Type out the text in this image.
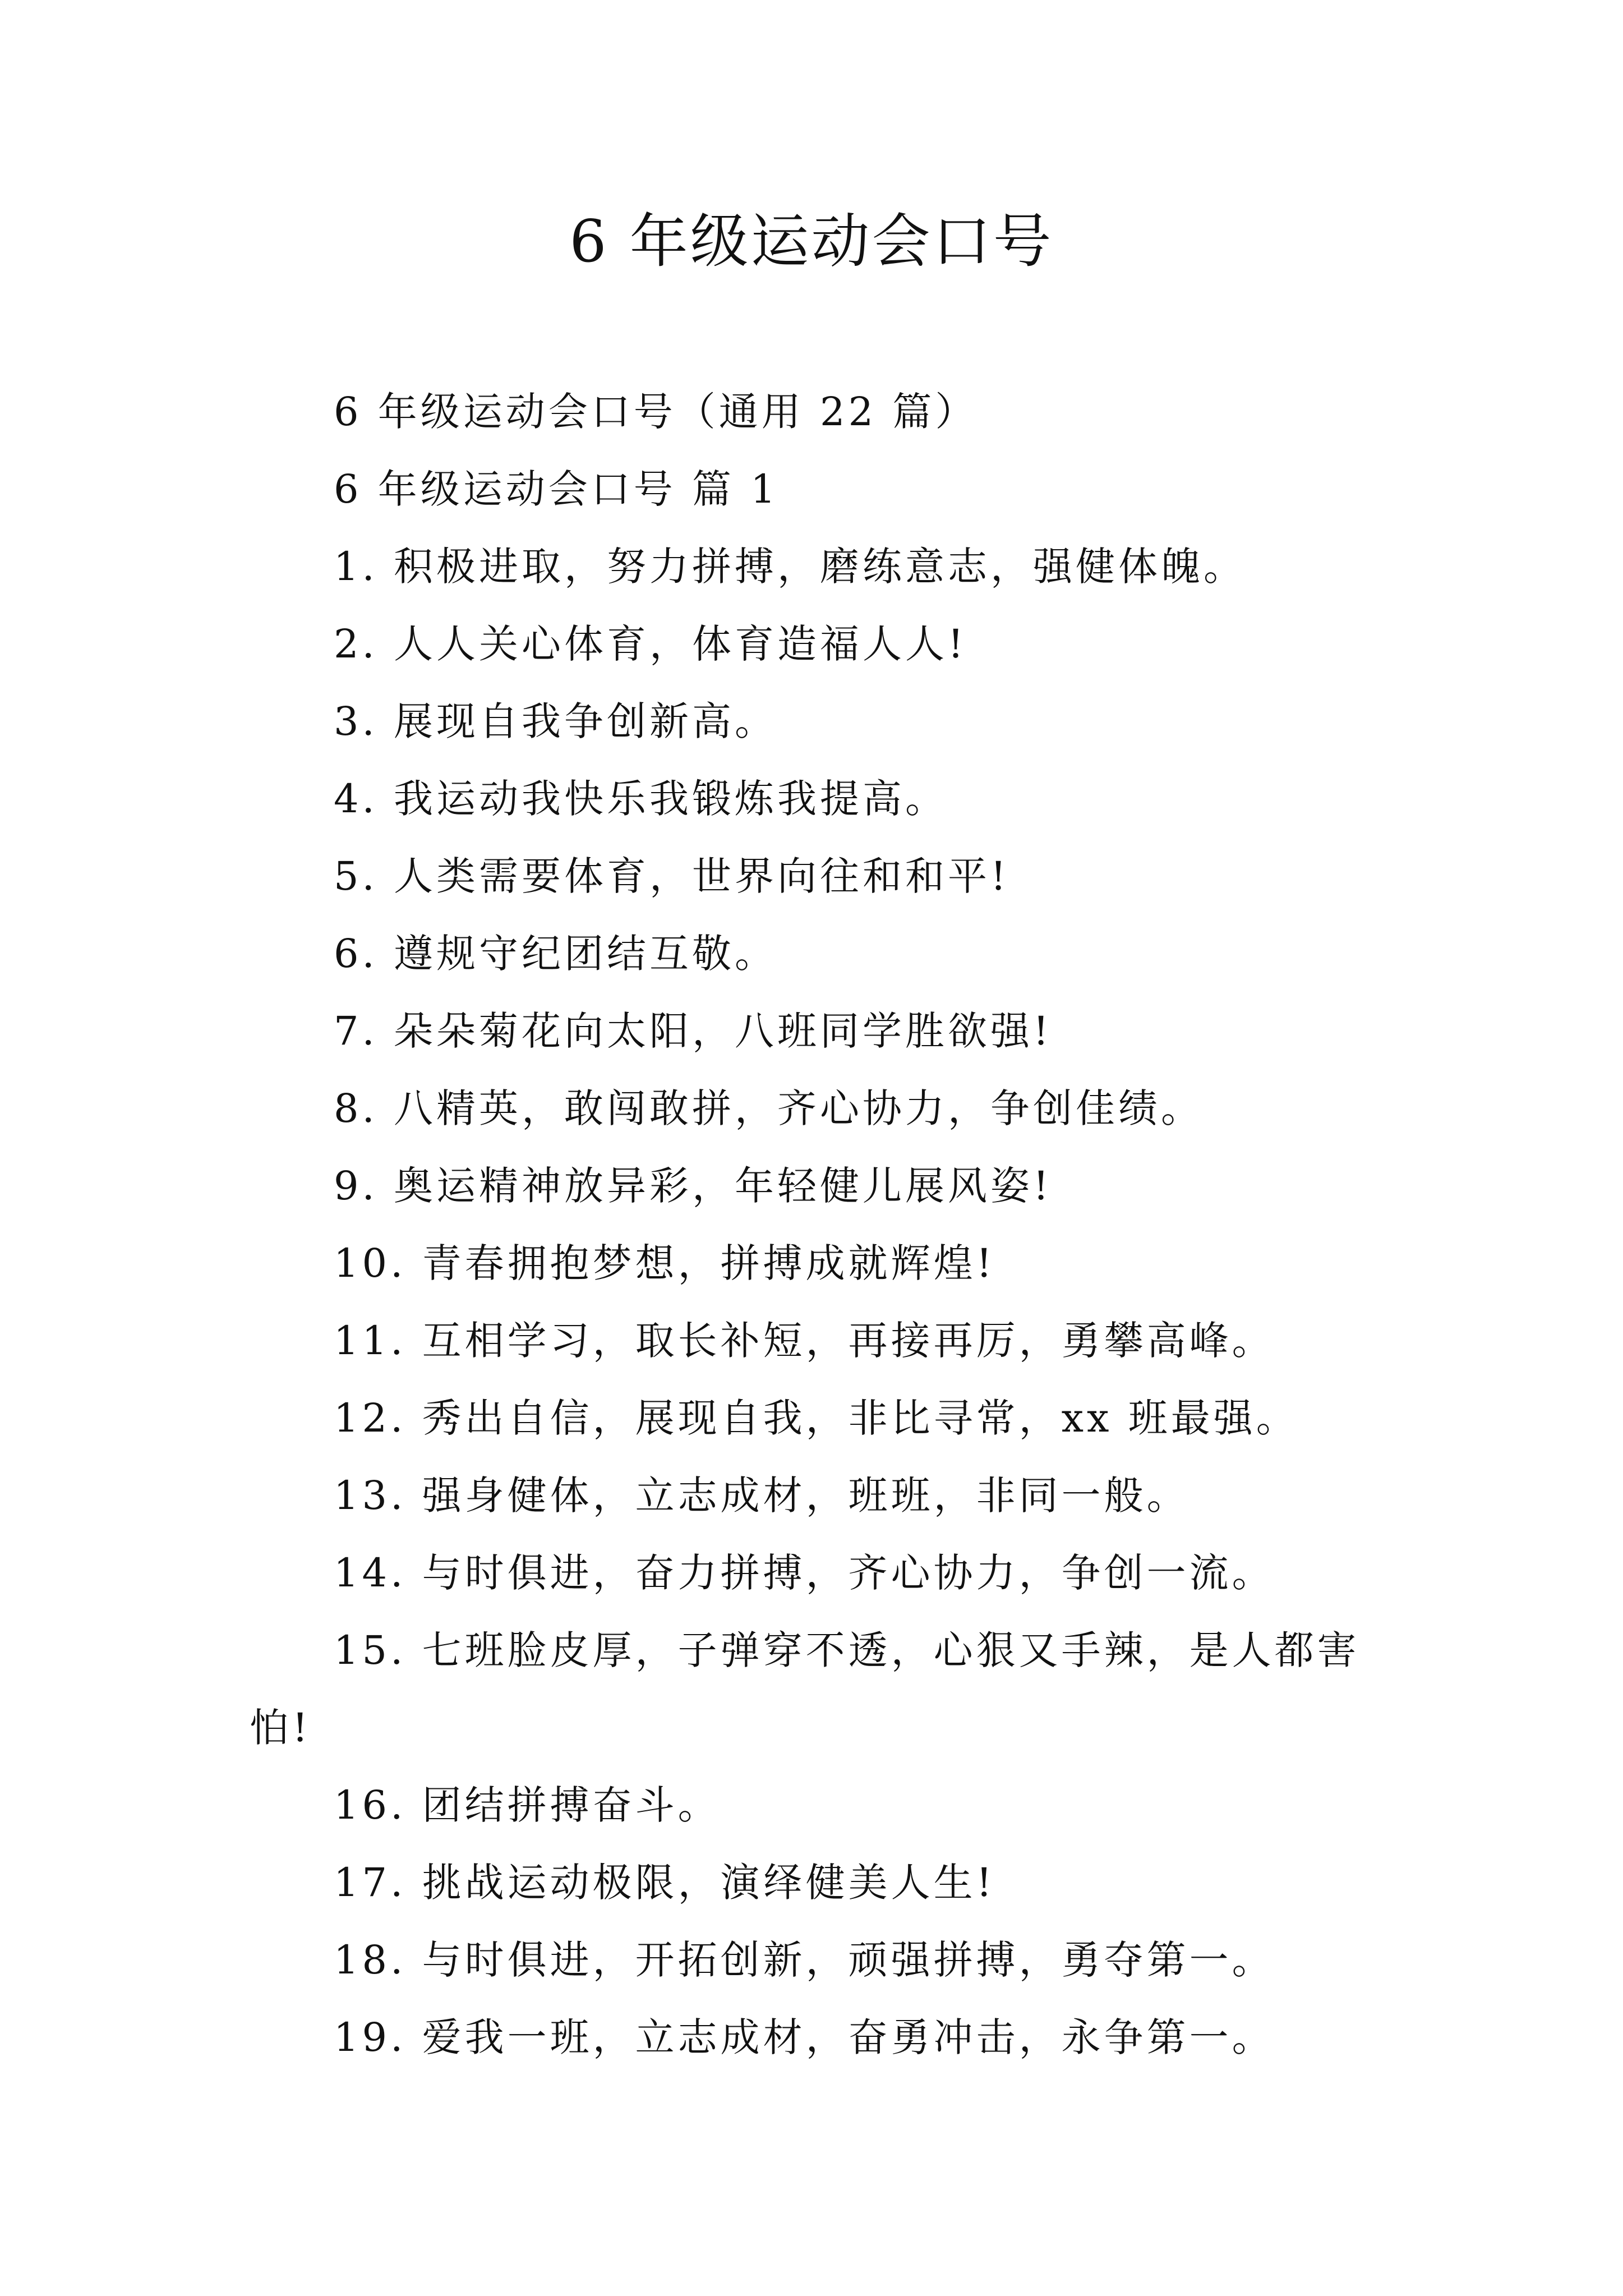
6 年级运动会口号
6 年级运动会口号（通用 22 篇）
6 年级运动会口号 篇 1
1. 积极进取，努力拼搏，磨练意志，强健体魄。
2. 人人关心体育，体育造福人人!
3. 展现自我争创新高。
4. 我运动我快乐我锻炼我提高。
5. 人类需要体育，世界向往和和平!
6. 遵规守纪团结互敬。
7. 朵朵菊花向太阳，八班同学胜欲强!
8. 八精英，敢闯敢拼，齐心协力，争创佳绩。
9. 奥运精神放异彩，年轻健儿展风姿!
10. 青春拥抱梦想，拼搏成就辉煌!
11. 互相学习，取长补短，再接再厉，勇攀高峰。
12. 秀出自信，展现自我，非比寻常，xx 班最强。
13. 强身健体，立志成材，班班，非同一般。
14. 与时俱进，奋力拼搏，齐心协力，争创一流。
15. 七班脸皮厚，子弹穿不透，心狠又手辣，是人都害
怕!
16. 团结拼搏奋斗。
17. 挑战运动极限，演绎健美人生!
18. 与时俱进，开拓创新，顽强拼搏，勇夺第一。
19. 爱我一班，立志成材，奋勇冲击，永争第一。
